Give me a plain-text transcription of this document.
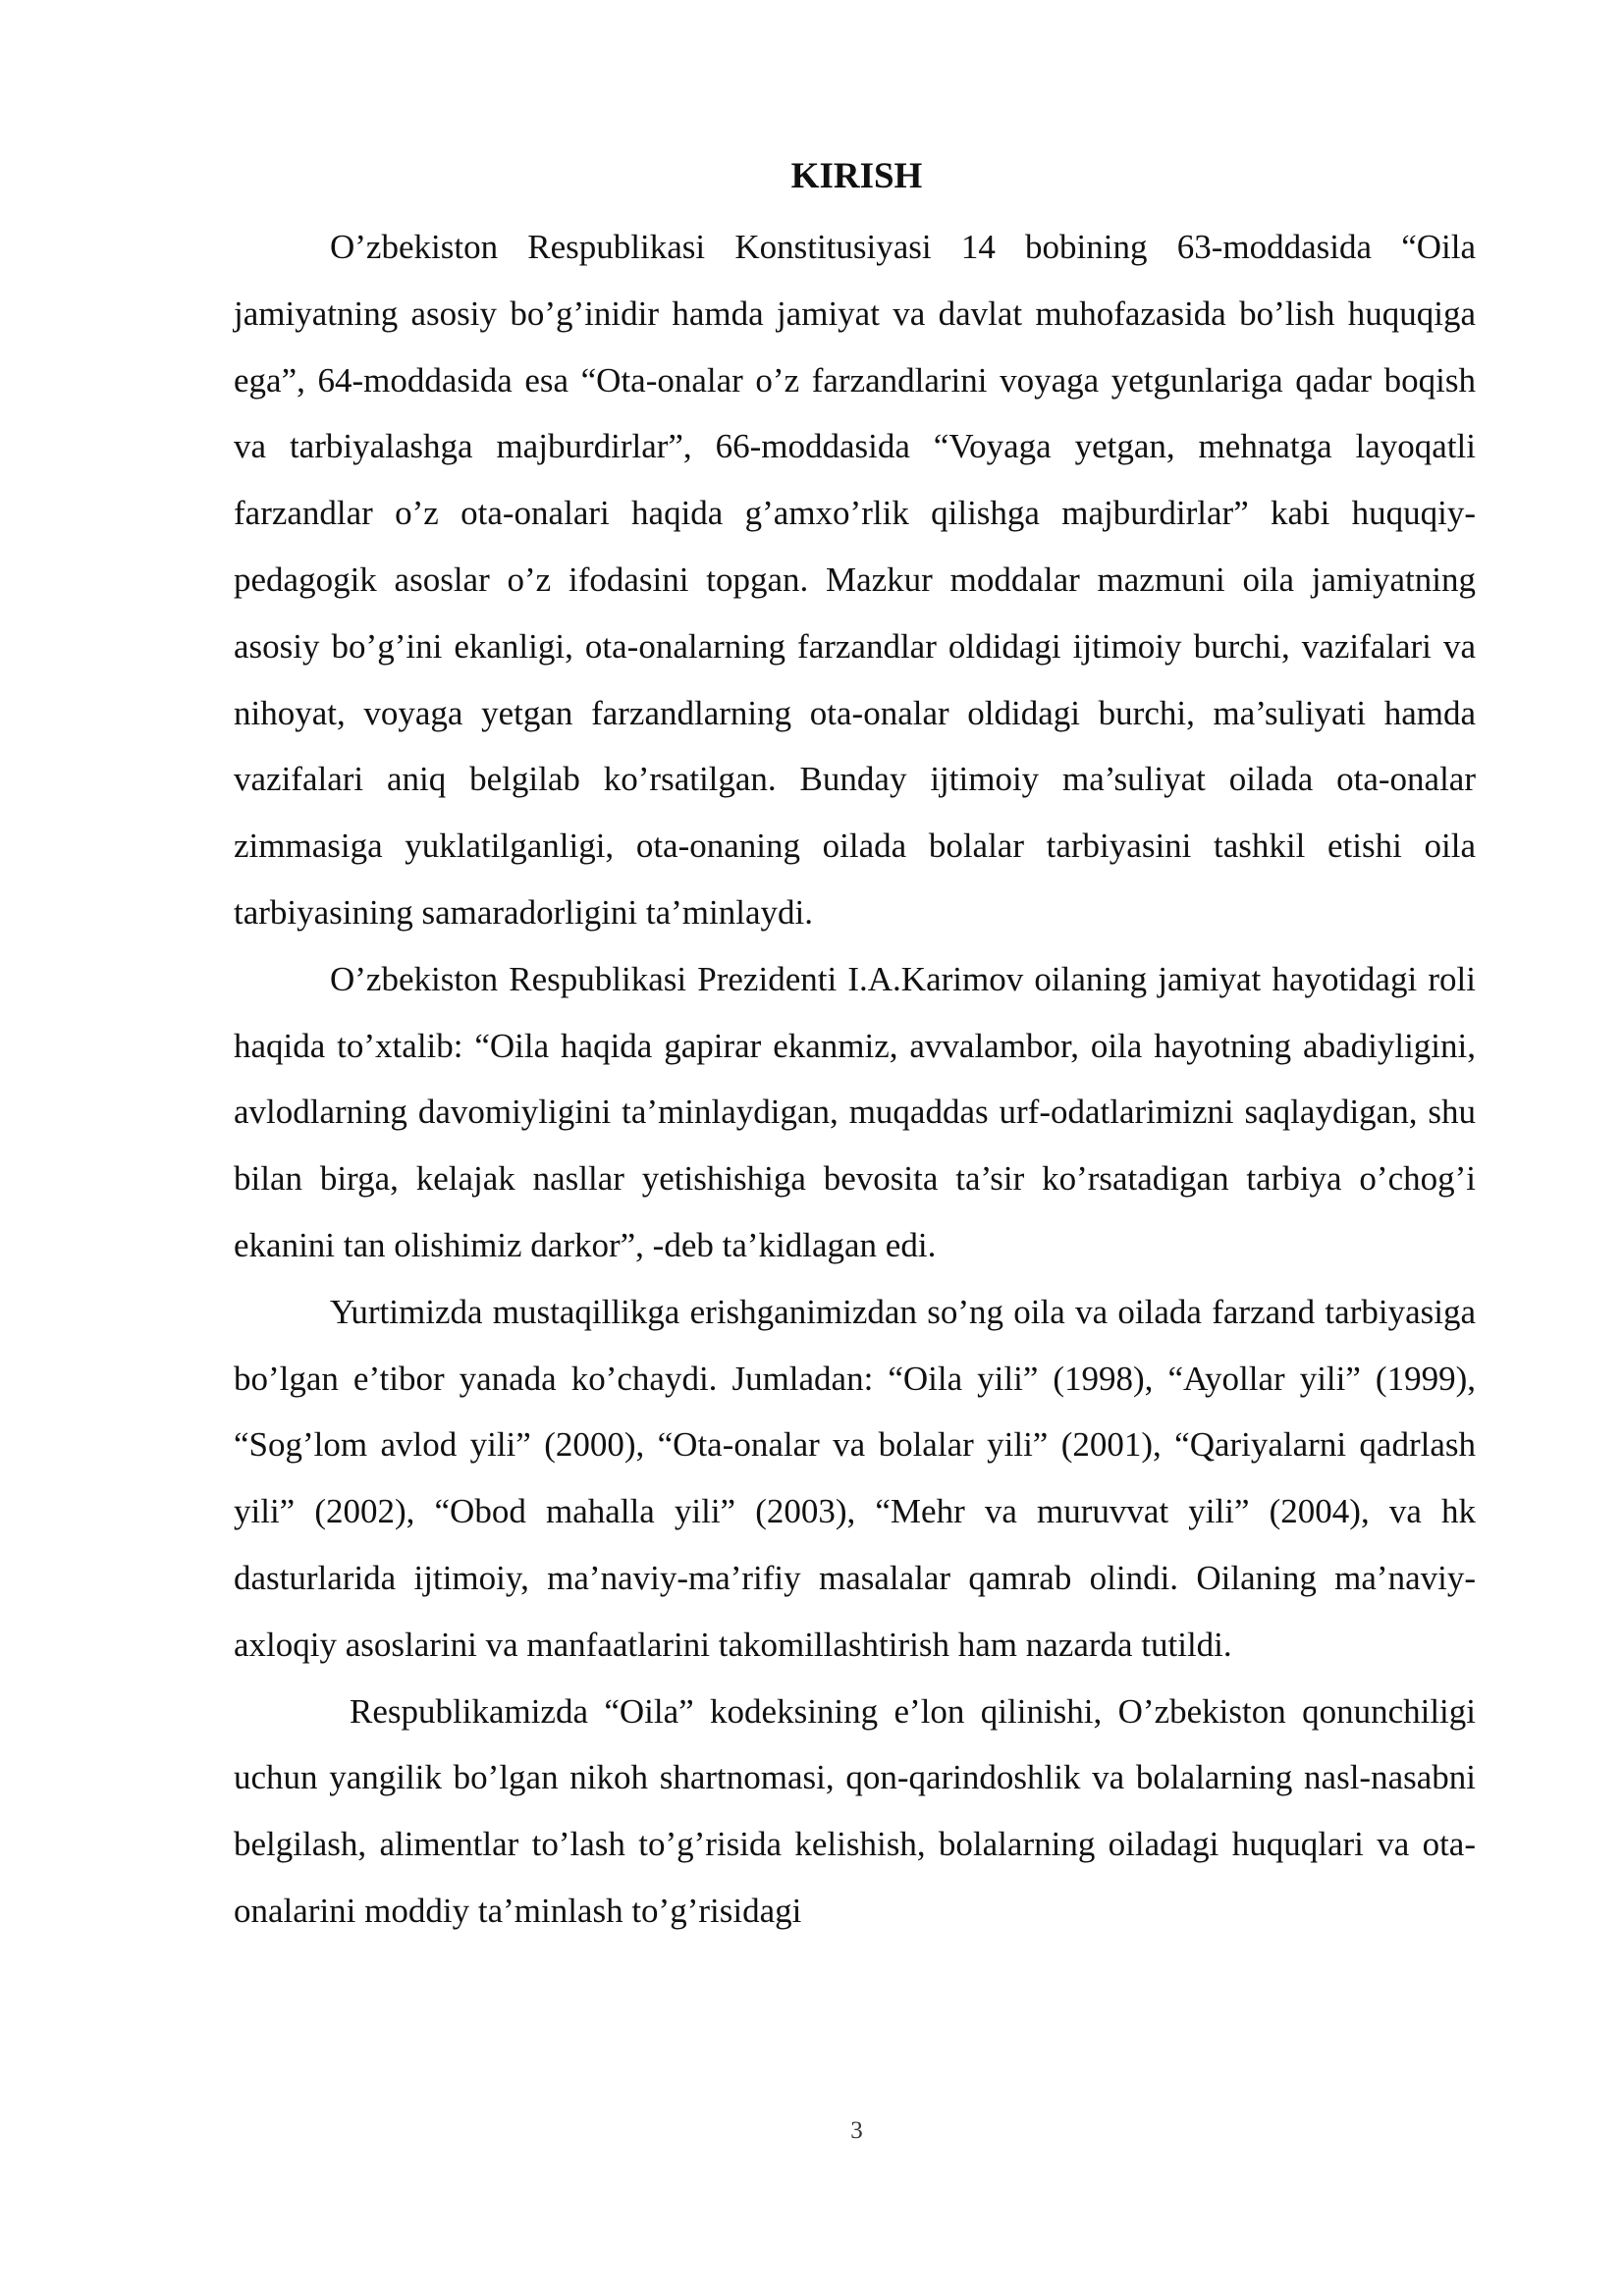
KIRISH

O’zbekiston Respublikasi Konstitusiyasi 14 bobining 63-moddasida “Oila jamiyatning asosiy bo’g’inidir hamda jamiyat va davlat muhofazasida bo’lish huquqiga ega”, 64-moddasida esa “Ota-onalar o’z farzandlarini voyaga yetgunlariga qadar boqish va tarbiyalashga majburdirlar”, 66-moddasida “Voyaga yetgan, mehnatga layoqatli farzandlar o’z ota-onalari haqida g’amxo’rlik qilishga majburdirlar” kabi huquqiy-pedagogik asoslar o’z ifodasini topgan. Mazkur moddalar mazmuni oila jamiyatning asosiy bo’g’ini ekanligi, ota-onalarning farzandlar oldidagi ijtimoiy burchi, vazifalari va nihoyat, voyaga yetgan farzandlarning ota-onalar oldidagi burchi, ma’suliyati hamda vazifalari aniq belgilab ko’rsatilgan. Bunday ijtimoiy ma’suliyat oilada ota-onalar zimmasiga yuklatilganligi, ota-onaning oilada bolalar tarbiyasini tashkil etishi oila tarbiyasining samaradorligini ta’minlaydi.

O’zbekiston Respublikasi Prezidenti I.A.Karimov oilaning jamiyat hayotidagi roli haqida to’xtalib: “Oila haqida gapirar ekanmiz, avvalambor, oila hayotning abadiyligini, avlodlarning davomiyligini ta’minlaydigan, muqaddas urf-odatlarimizni saqlaydigan, shu bilan birga, kelajak nasllar yetishishiga bevosita ta’sir ko’rsatadigan tarbiya o’chog’i ekanini tan olishimiz darkor”, -deb ta’kidlagan edi.

Yurtimizda mustaqillikga erishganimizdan so’ng oila va oilada farzand tarbiyasiga bo’lgan e’tibor yanada ko’chaydi. Jumladan: “Oila yili” (1998), “Ayollar yili” (1999), “Sog’lom avlod yili” (2000), “Ota-onalar va bolalar yili” (2001), “Qariyalarni qadrlash yili” (2002), “Obod mahalla yili” (2003), “Mehr va muruvvat yili” (2004), va hk dasturlarida ijtimoiy, ma’naviy-ma’rifiy masalalar qamrab olindi. Oilaning ma’naviy-axloqiy asoslarini va manfaatlarini takomillashtirish ham nazarda tutildi.

Respublikamizda “Oila” kodeksining e’lon qilinishi, O’zbekiston qonunchiligi uchun yangilik bo’lgan nikoh shartnomasi, qon-qarindoshlik va bolalarning nasl-nasabni belgilash, alimentlar to’lash to’g’risida kelishish, bolalarning oiladagi huquqlari va ota-onalarini moddiy ta’minlash to’g’risidagi

3
